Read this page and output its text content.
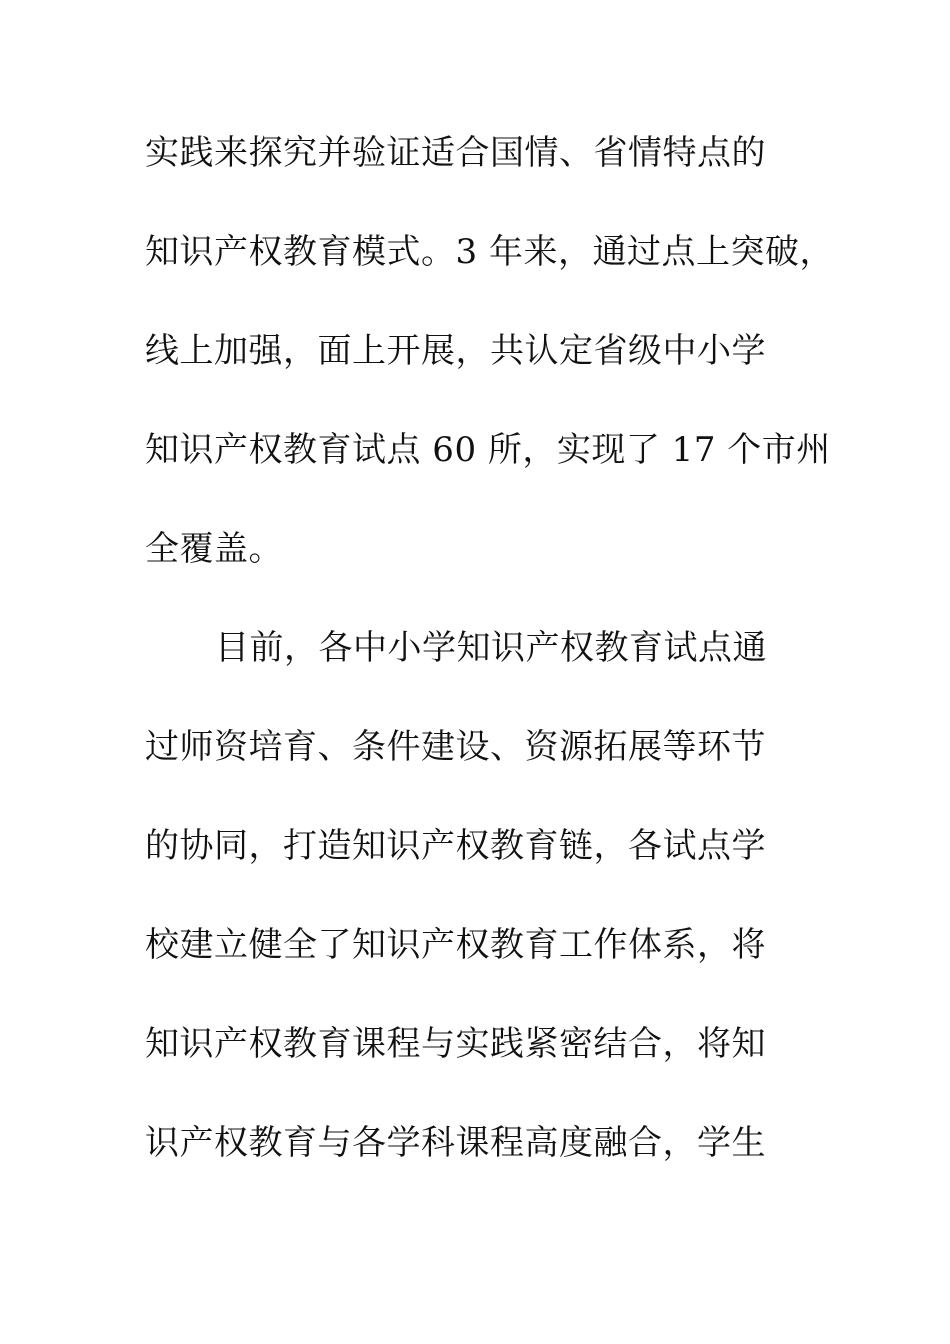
实践来探究并验证适合国情、省情特点的
知识产权教育模式。3 年来，通过点上突破，
线上加强，面上开展，共认定省级中小学
知识产权教育试点 60 所，实现了 17 个市州
全覆盖。
目前，各中小学知识产权教育试点通
过师资培育、条件建设、资源拓展等环节
的协同，打造知识产权教育链，各试点学
校建立健全了知识产权教育工作体系，将
知识产权教育课程与实践紧密结合，将知
识产权教育与各学科课程高度融合，学生
